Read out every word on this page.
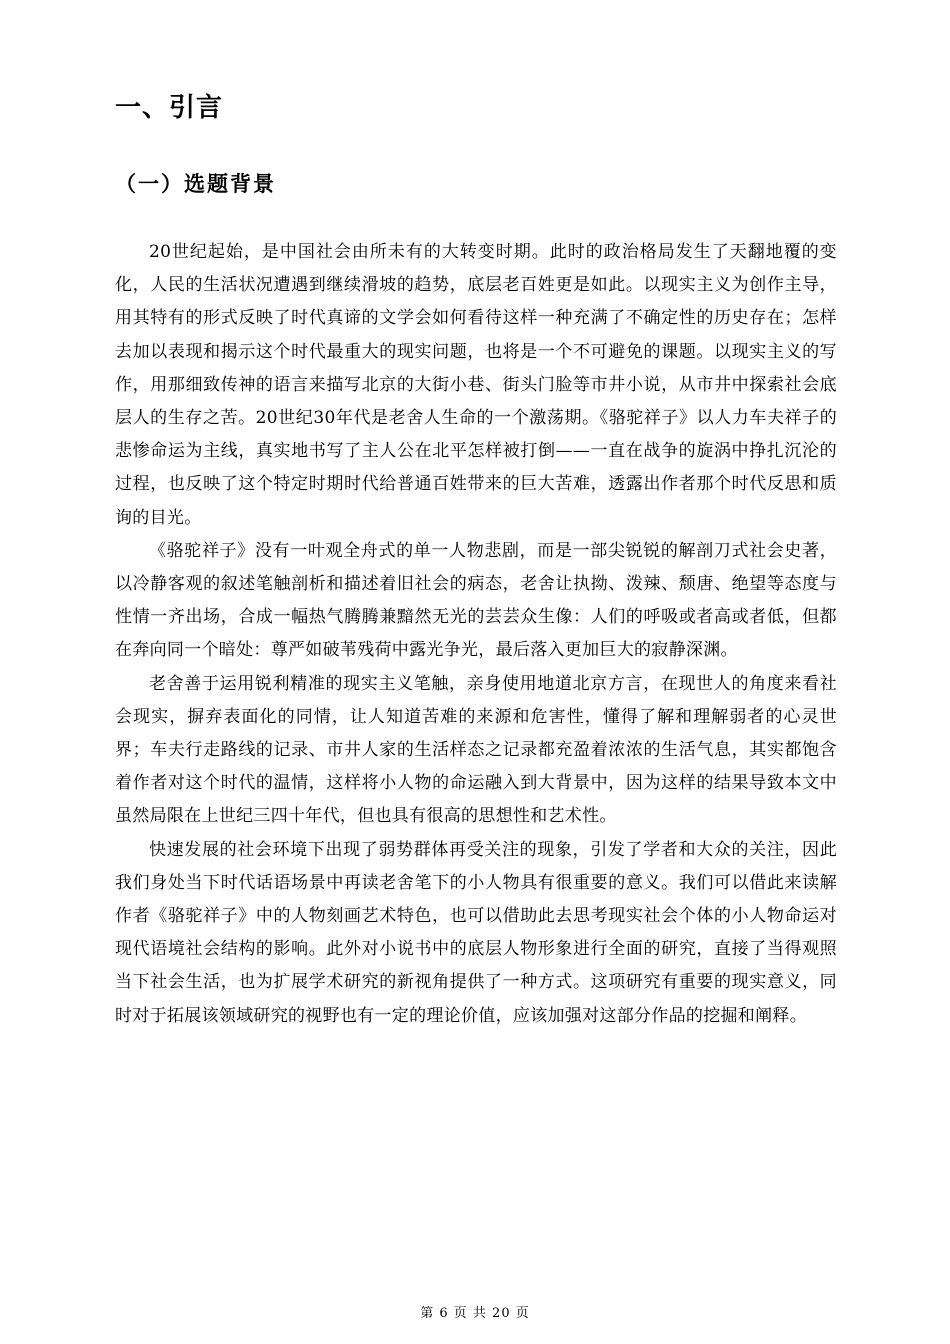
一、引言
（一）选题背景

20世纪起始，是中国社会由所未有的大转变时期。此时的政治格局发生了天翻地覆的变化，人民的生活状况遭遇到继续滑坡的趋势，底层老百姓更是如此。以现实主义为创作主导，用其特有的形式反映了时代真谛的文学会如何看待这样一种充满了不确定性的历史存在；怎样去加以表现和揭示这个时代最重大的现实问题，也将是一个不可避免的课题。以现实主义的写作，用那细致传神的语言来描写北京的大街小巷、街头门脸等市井小说，从市井中探索社会底层人的生存之苦。20世纪30年代是老舍人生命的一个激荡期。《骆驼祥子》以人力车夫祥子的悲惨命运为主线，真实地书写了主人公在北平怎样被打倒——一直在战争的旋涡中挣扎沉沦的过程，也反映了这个特定时期时代给普通百姓带来的巨大苦难，透露出作者那个时代反思和质询的目光。

《骆驼祥子》没有一叶观全舟式的单一人物悲剧，而是一部尖锐锐的解剖刀式社会史著，以冷静客观的叙述笔触剖析和描述着旧社会的病态，老舍让执拗、泼辣、颓唐、绝望等态度与性情一齐出场，合成一幅热气腾腾兼黯然无光的芸芸众生像：人们的呼吸或者高或者低，但都在奔向同一个暗处：尊严如破苇残荷中露光争光，最后落入更加巨大的寂静深渊。

老舍善于运用锐利精准的现实主义笔触，亲身使用地道北京方言，在现世人的角度来看社会现实，摒弃表面化的同情，让人知道苦难的来源和危害性，懂得了解和理解弱者的心灵世界；车夫行走路线的记录、市井人家的生活样态之记录都充盈着浓浓的生活气息，其实都饱含着作者对这个时代的温情，这样将小人物的命运融入到大背景中，因为这样的结果导致本文中虽然局限在上世纪三四十年代，但也具有很高的思想性和艺术性。

快速发展的社会环境下出现了弱势群体再受关注的现象，引发了学者和大众的关注，因此我们身处当下时代话语场景中再读老舍笔下的小人物具有很重要的意义。我们可以借此来读解作者《骆驼祥子》中的人物刻画艺术特色，也可以借助此去思考现实社会个体的小人物命运对现代语境社会结构的影响。此外对小说书中的底层人物形象进行全面的研究，直接了当得观照当下社会生活，也为扩展学术研究的新视角提供了一种方式。这项研究有重要的现实意义，同时对于拓展该领域研究的视野也有一定的理论价值，应该加强对这部分作品的挖掘和阐释。

第 6 页 共 20 页
